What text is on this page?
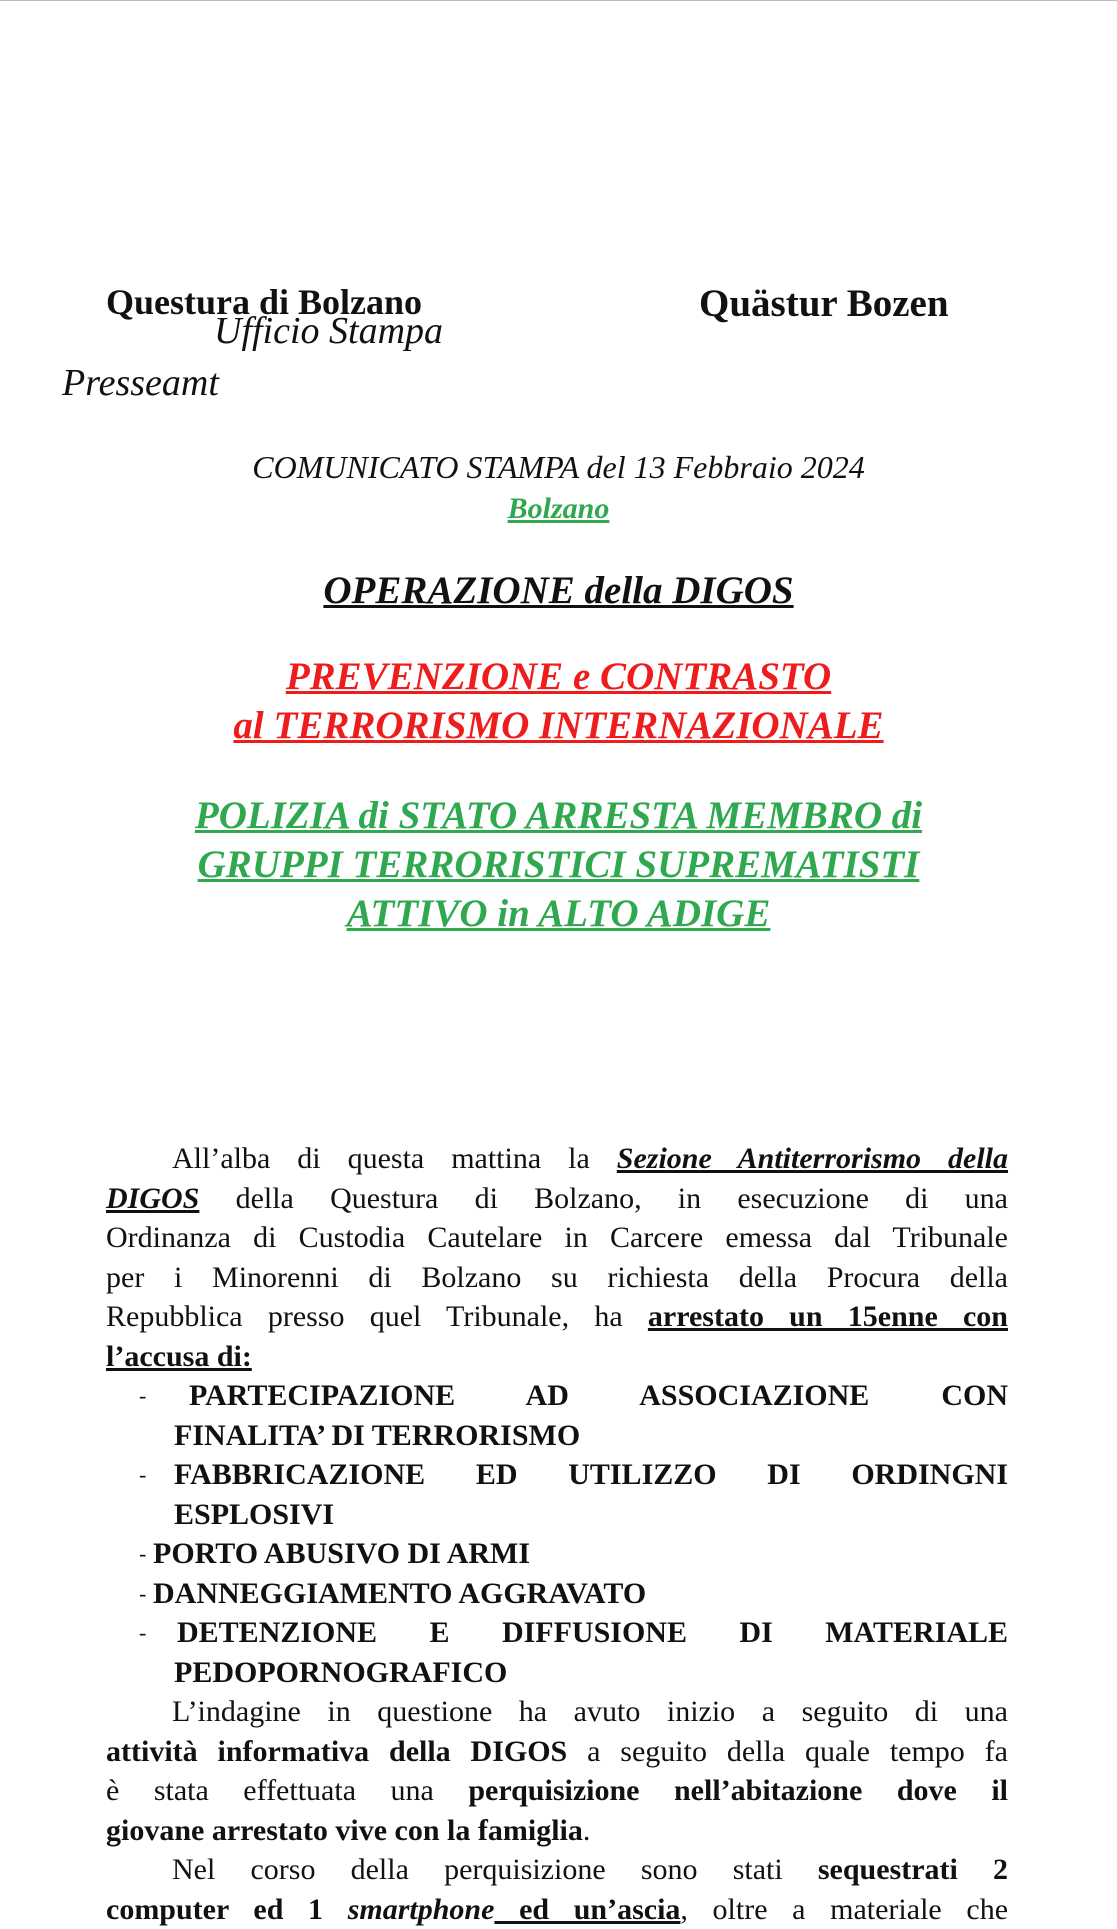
Questura di Bolzano	Quästur Bozen
Ufficio Stampa
Presseamt
COMUNICATO STAMPA del 13 Febbraio 2024
Bolzano
OPERAZIONE della DIGOS
PREVENZIONE e CONTRASTO
al TERRORISMO INTERNAZIONALE
POLIZIA di STATO ARRESTA MEMBRO di
GRUPPI TERRORISTICI SUPREMATISTI
ATTIVO in ALTO ADIGE
All’alba di questa mattina la Sezione Antiterrorismo della
DIGOS della Questura di Bolzano, in esecuzione di una
Ordinanza di Custodia Cautelare in Carcere emessa dal Tribunale
per i Minorenni di Bolzano su richiesta della Procura della
Repubblica presso quel Tribunale, ha arrestato un 15enne con
l’accusa di:
-	PARTECIPAZIONE AD ASSOCIAZIONE CON
FINALITA’ DI TERRORISMO
- FABBRICAZIONE ED UTILIZZO DI ORDINGNI
ESPLOSIVI
- PORTO ABUSIVO DI ARMI
- DANNEGGIAMENTO AGGRAVATO
-	DETENZIONE E DIFFUSIONE DI MATERIALE
PEDOPORNOGRAFICO
L’indagine in questione ha avuto inizio a seguito di una
attività informativa della DIGOS a seguito della quale tempo fa
è stata effettuata una perquisizione nell’abitazione dove il
giovane arrestato vive con la famiglia.
Nel corso della perquisizione sono stati sequestrati 2
computer ed 1 smartphone ed un’ascia, oltre a materiale che
